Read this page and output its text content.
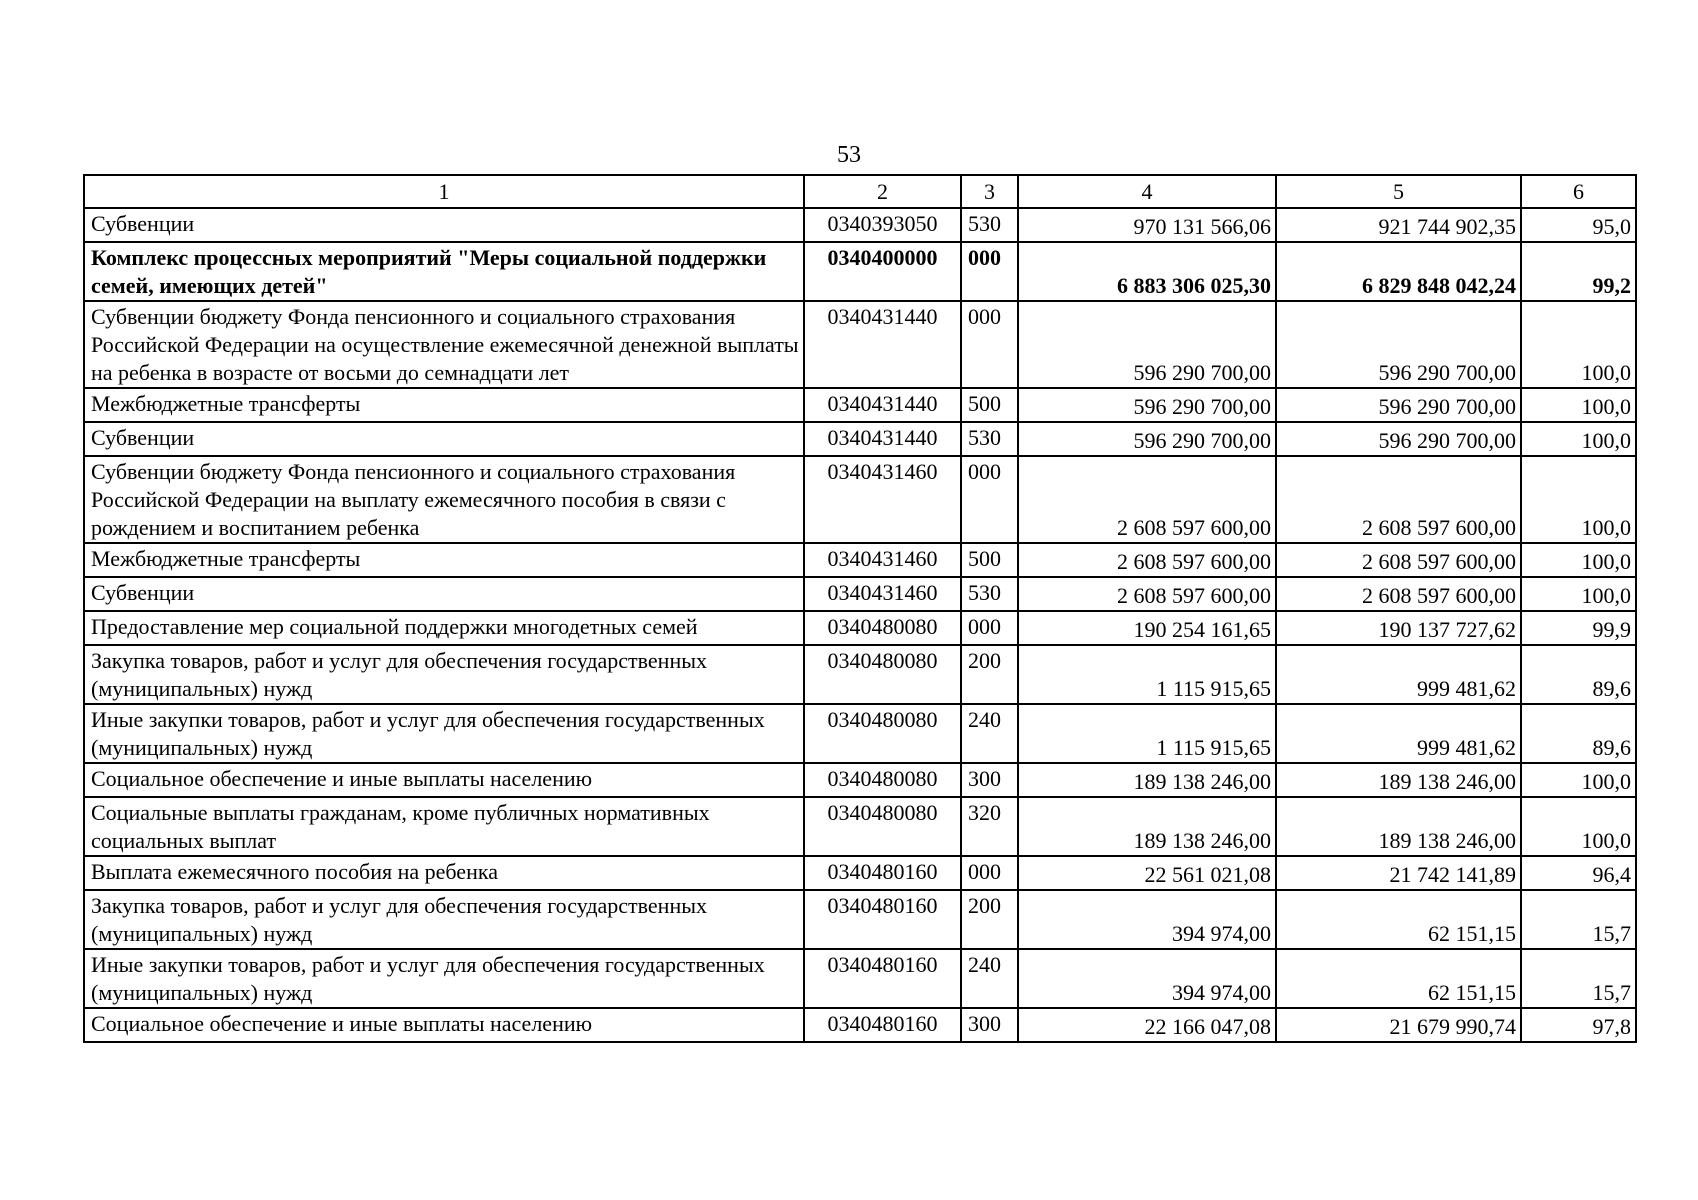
53
1	2	3	4	5	6
Субвенции	0340393050	530	970 131 566,06	921 744 902,35	95,0
Комплекс процессных мероприятий "Меры социальной поддержки семей, имеющих детей"	0340400000	000	6 883 306 025,30	6 829 848 042,24	99,2
Субвенции бюджету Фонда пенсионного и социального страхования Российской Федерации на осуществление ежемесячной денежной выплаты на ребенка в возрасте от восьми до семнадцати лет	0340431440	000	596 290 700,00	596 290 700,00	100,0
Межбюджетные трансферты	0340431440	500	596 290 700,00	596 290 700,00	100,0
Субвенции	0340431440	530	596 290 700,00	596 290 700,00	100,0
Субвенции бюджету Фонда пенсионного и социального страхования Российской Федерации на выплату ежемесячного пособия в связи с рождением и воспитанием ребенка	0340431460	000	2 608 597 600,00	2 608 597 600,00	100,0
Межбюджетные трансферты	0340431460	500	2 608 597 600,00	2 608 597 600,00	100,0
Субвенции	0340431460	530	2 608 597 600,00	2 608 597 600,00	100,0
Предоставление мер социальной поддержки многодетных семей	0340480080	000	190 254 161,65	190 137 727,62	99,9
Закупка товаров, работ и услуг для обеспечения государственных (муниципальных) нужд	0340480080	200	1 115 915,65	999 481,62	89,6
Иные закупки товаров, работ и услуг для обеспечения государственных (муниципальных) нужд	0340480080	240	1 115 915,65	999 481,62	89,6
Социальное обеспечение и иные выплаты населению	0340480080	300	189 138 246,00	189 138 246,00	100,0
Социальные выплаты гражданам, кроме публичных нормативных социальных выплат	0340480080	320	189 138 246,00	189 138 246,00	100,0
Выплата ежемесячного пособия на ребенка	0340480160	000	22 561 021,08	21 742 141,89	96,4
Закупка товаров, работ и услуг для обеспечения государственных (муниципальных) нужд	0340480160	200	394 974,00	62 151,15	15,7
Иные закупки товаров, работ и услуг для обеспечения государственных (муниципальных) нужд	0340480160	240	394 974,00	62 151,15	15,7
Социальное обеспечение и иные выплаты населению	0340480160	300	22 166 047,08	21 679 990,74	97,8
